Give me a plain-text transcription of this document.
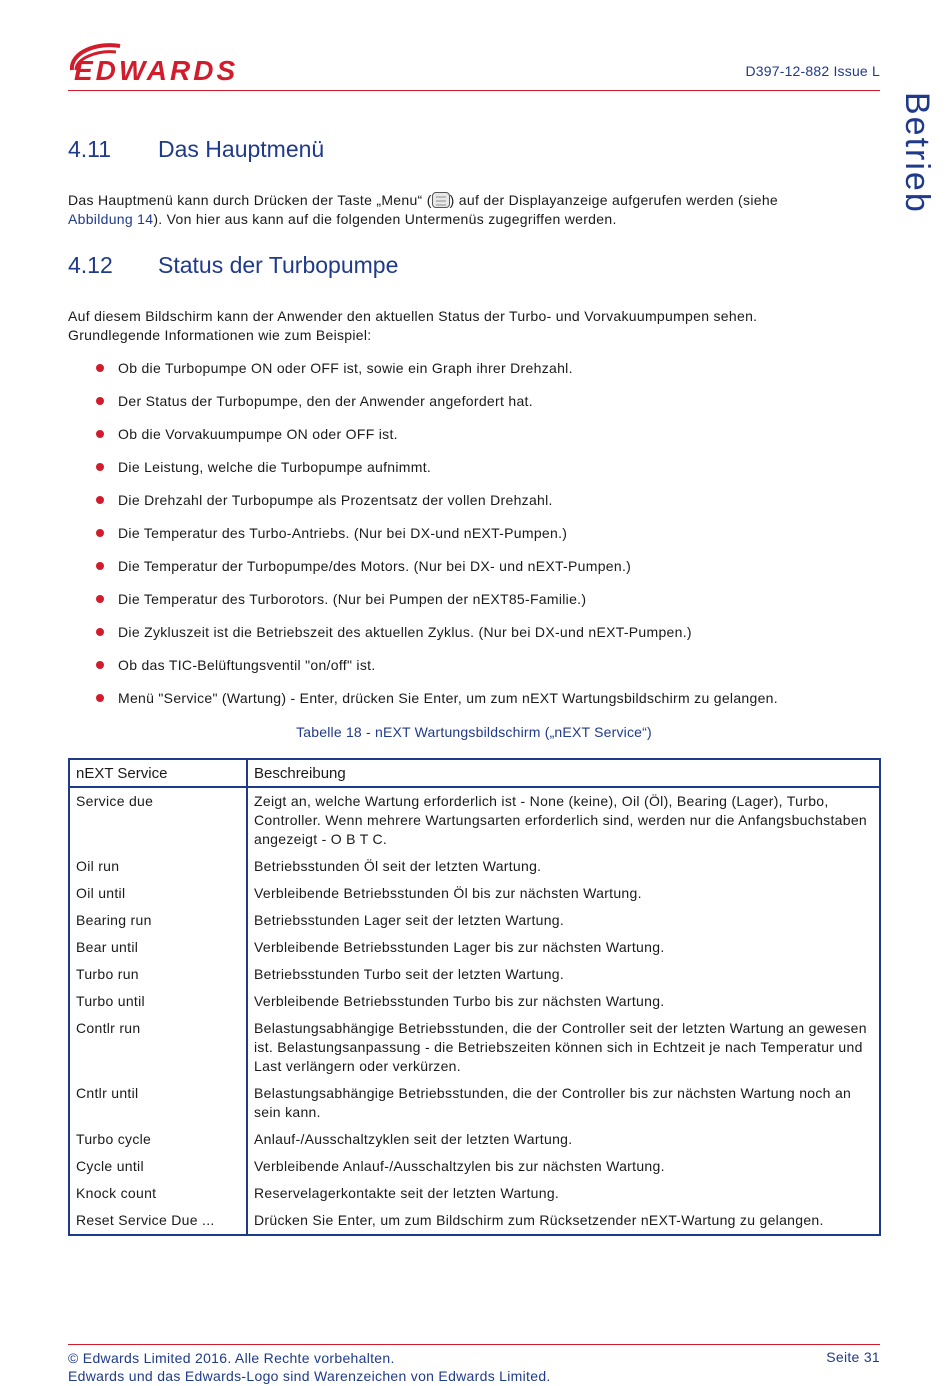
EDWARDS	D397-12-882 Issue L
Betrieb
4.11 Das Hauptmenü
Das Hauptmenü kann durch Drücken der Taste „Menu“ ( ) auf der Displayanzeige aufgerufen werden (siehe
Abbildung 14). Von hier aus kann auf die folgenden Untermenüs zugegriffen werden.
4.12 Status der Turbopumpe
Auf diesem Bildschirm kann der Anwender den aktuellen Status der Turbo- und Vorvakuumpumpen sehen. Grundlegende Informationen wie zum Beispiel:
Ob die Turbopumpe ON oder OFF ist, sowie ein Graph ihrer Drehzahl.
Der Status der Turbopumpe, den der Anwender angefordert hat.
Ob die Vorvakuumpumpe ON oder OFF ist.
Die Leistung, welche die Turbopumpe aufnimmt.
Die Drehzahl der Turbopumpe als Prozentsatz der vollen Drehzahl.
Die Temperatur des Turbo-Antriebs. (Nur bei DX-und nEXT-Pumpen.)
Die Temperatur der Turbopumpe/des Motors. (Nur bei DX- und nEXT-Pumpen.)
Die Temperatur des Turborotors. (Nur bei Pumpen der nEXT85-Familie.)
Die Zykluszeit ist die Betriebszeit des aktuellen Zyklus. (Nur bei DX-und nEXT-Pumpen.)
Ob das TIC-Belüftungsventil "on/off" ist.
Menü "Service" (Wartung) - Enter, drücken Sie Enter, um zum nEXT Wartungsbildschirm zu gelangen.
Tabelle 18 - nEXT Wartungsbildschirm („nEXT Service“)
nEXT Service	Beschreibung
Service due	Zeigt an, welche Wartung erforderlich ist - None (keine), Oil (Öl), Bearing (Lager), Turbo, Controller. Wenn mehrere Wartungsarten erforderlich sind, werden nur die Anfangsbuchstaben angezeigt - O B T C.
Oil run	Betriebsstunden Öl seit der letzten Wartung.
Oil until	Verbleibende Betriebsstunden Öl bis zur nächsten Wartung.
Bearing run	Betriebsstunden Lager seit der letzten Wartung.
Bear until	Verbleibende Betriebsstunden Lager bis zur nächsten Wartung.
Turbo run	Betriebsstunden Turbo seit der letzten Wartung.
Turbo until	Verbleibende Betriebsstunden Turbo bis zur nächsten Wartung.
Contlr run	Belastungsabhängige Betriebsstunden, die der Controller seit der letzten Wartung an gewesen ist. Belastungsanpassung - die Betriebszeiten können sich in Echtzeit je nach Temperatur und Last verlängern oder verkürzen.
Cntlr until	Belastungsabhängige Betriebsstunden, die der Controller bis zur nächsten Wartung noch an sein kann.
Turbo cycle	Anlauf-/Ausschaltzyklen seit der letzten Wartung.
Cycle until	Verbleibende Anlauf-/Ausschaltzylen bis zur nächsten Wartung.
Knock count	Reservelagerkontakte seit der letzten Wartung.
Reset Service Due ...	Drücken Sie Enter, um zum Bildschirm zum Rücksetzender nEXT-Wartung zu gelangen.
© Edwards Limited 2016. Alle Rechte vorbehalten.
Edwards und das Edwards-Logo sind Warenzeichen von Edwards Limited.
Seite 31
